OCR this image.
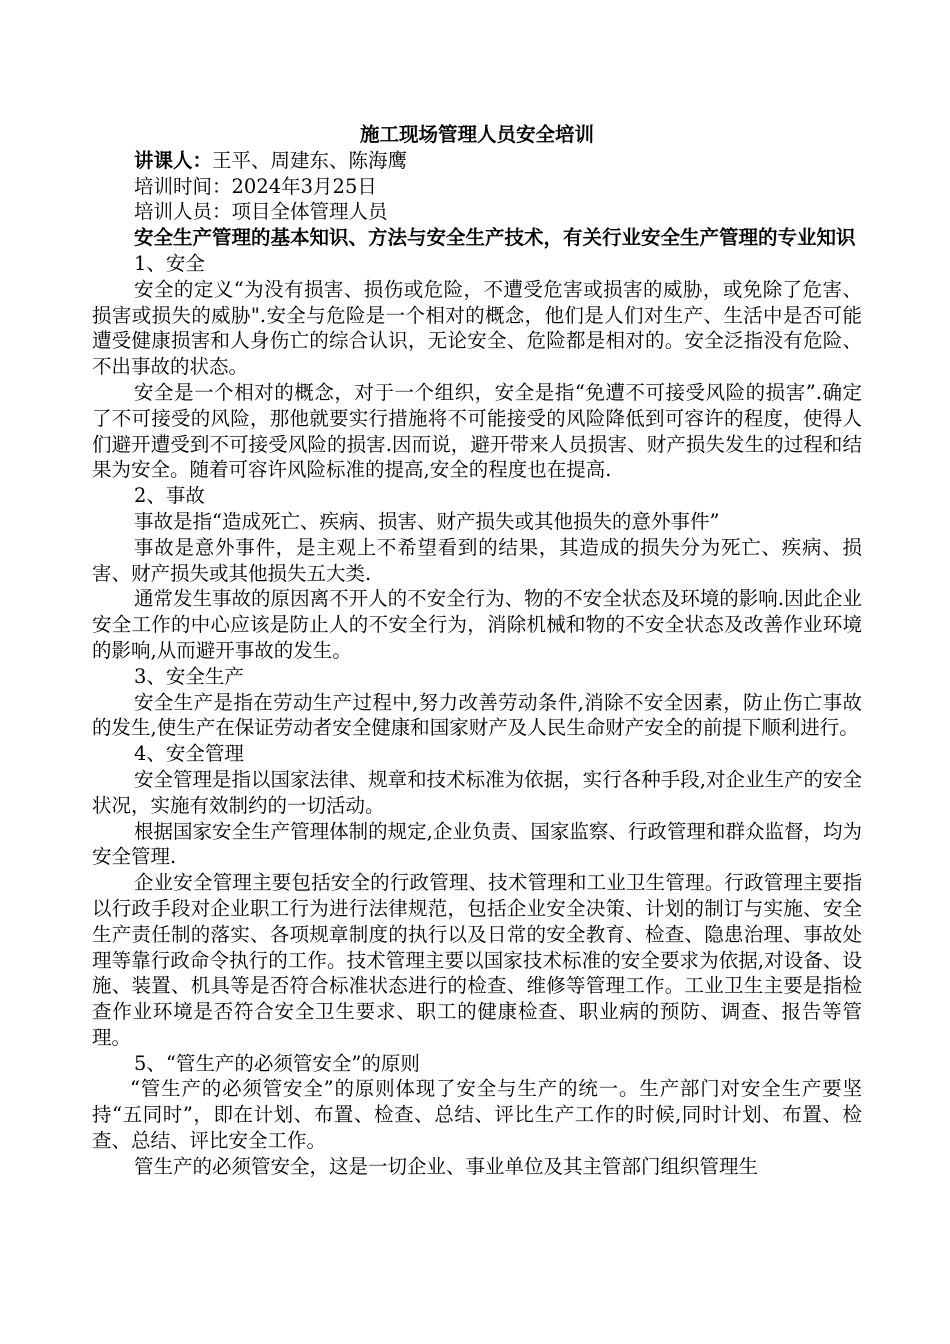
施工现场管理人员安全培训

讲课人：王平、周建东、陈海鹰

培训时间：2024年3月25日

培训人员：项目全体管理人员

安全生产管理的基本知识、方法与安全生产技术，有关行业安全生产管理的专业知识

1、安全

安全的定义“为没有损害、损伤或危险，不遭受危害或损害的威胁，或免除了危害、损害或损失的威胁".安全与危险是一个相对的概念，他们是人们对生产、生活中是否可能遭受健康损害和人身伤亡的综合认识，无论安全、危险都是相对的。安全泛指没有危险、不出事故的状态。

安全是一个相对的概念，对于一个组织，安全是指“免遭不可接受风险的损害”.确定了不可接受的风险，那他就要实行措施将不可能接受的风险降低到可容许的程度，使得人们避开遭受到不可接受风险的损害.因而说，避开带来人员损害、财产损失发生的过程和结果为安全。随着可容许风险标准的提高,安全的程度也在提高.

2、事故

事故是指“造成死亡、疾病、损害、财产损失或其他损失的意外事件”

事故是意外事件，是主观上不希望看到的结果，其造成的损失分为死亡、疾病、损害、财产损失或其他损失五大类.

通常发生事故的原因离不开人的不安全行为、物的不安全状态及环境的影响.因此企业安全工作的中心应该是防止人的不安全行为，消除机械和物的不安全状态及改善作业环境的影响,从而避开事故的发生。

3、安全生产

安全生产是指在劳动生产过程中,努力改善劳动条件,消除不安全因素，防止伤亡事故的发生,使生产在保证劳动者安全健康和国家财产及人民生命财产安全的前提下顺利进行。

4、安全管理

安全管理是指以国家法律、规章和技术标准为依据，实行各种手段,对企业生产的安全状况，实施有效制约的一切活动。

根据国家安全生产管理体制的规定,企业负责、国家监察、行政管理和群众监督，均为安全管理.

企业安全管理主要包括安全的行政管理、技术管理和工业卫生管理。行政管理主要指以行政手段对企业职工行为进行法律规范，包括企业安全决策、计划的制订与实施、安全生产责任制的落实、各项规章制度的执行以及日常的安全教育、检查、隐患治理、事故处理等靠行政命令执行的工作。技术管理主要以国家技术标准的安全要求为依据,对设备、设施、装置、机具等是否符合标准状态进行的检查、维修等管理工作。工业卫生主要是指检查作业环境是否符合安全卫生要求、职工的健康检查、职业病的预防、调查、报告等管理。

5、“管生产的必须管安全”的原则

“管生产的必须管安全”的原则体现了安全与生产的统一。生产部门对安全生产要坚持“五同时”，即在计划、布置、检查、总结、评比生产工作的时候,同时计划、布置、检查、总结、评比安全工作。

管生产的必须管安全，这是一切企业、事业单位及其主管部门组织管理生
